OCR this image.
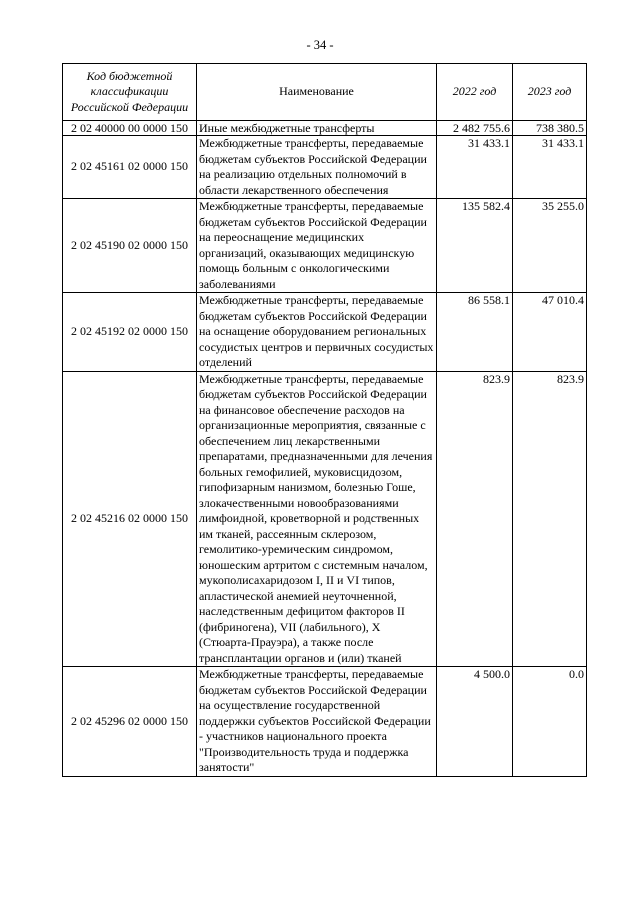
- 34 -
Код бюджетной классификации Российской Федерации	Наименование	2022 год	2023 год
2 02 40000 00 0000 150	Иные межбюджетные трансферты	2 482 755.6	738 380.5
2 02 45161 02 0000 150	Межбюджетные трансферты, передаваемые бюджетам субъектов Российской Федерации на реализацию отдельных полномочий в области лекарственного обеспечения	31 433.1	31 433.1
2 02 45190 02 0000 150	Межбюджетные трансферты, передаваемые бюджетам субъектов Российской Федерации на переоснащение медицинских организаций, оказывающих медицинскую помощь больным с онкологическими заболеваниями	135 582.4	35 255.0
2 02 45192 02 0000 150	Межбюджетные трансферты, передаваемые бюджетам субъектов Российской Федерации на оснащение оборудованием региональных сосудистых центров и первичных сосудистых отделений	86 558.1	47 010.4
2 02 45216 02 0000 150	Межбюджетные трансферты, передаваемые бюджетам субъектов Российской Федерации на финансовое обеспечение расходов на организационные мероприятия, связанные с обеспечением лиц лекарственными препаратами, предназначенными для лечения больных гемофилией, муковисцидозом, гипофизарным нанизмом, болезнью Гоше, злокачественными новообразованиями лимфоидной, кроветворной и родственных им тканей, рассеянным склерозом, гемолитико-уремическим синдромом, юношеским артритом с системным началом, мукополисахаридозом I, II и VI типов, апластической анемией неуточненной, наследственным дефицитом факторов II (фибриногена), VII (лабильного), X (Стюарта-Прауэра), а также после трансплантации органов и (или) тканей	823.9	823.9
2 02 45296 02 0000 150	Межбюджетные трансферты, передаваемые бюджетам субъектов Российской Федерации на осуществление государственной поддержки субъектов Российской Федерации - участников национального проекта "Производительность труда и поддержка занятости"	4 500.0	0.0
